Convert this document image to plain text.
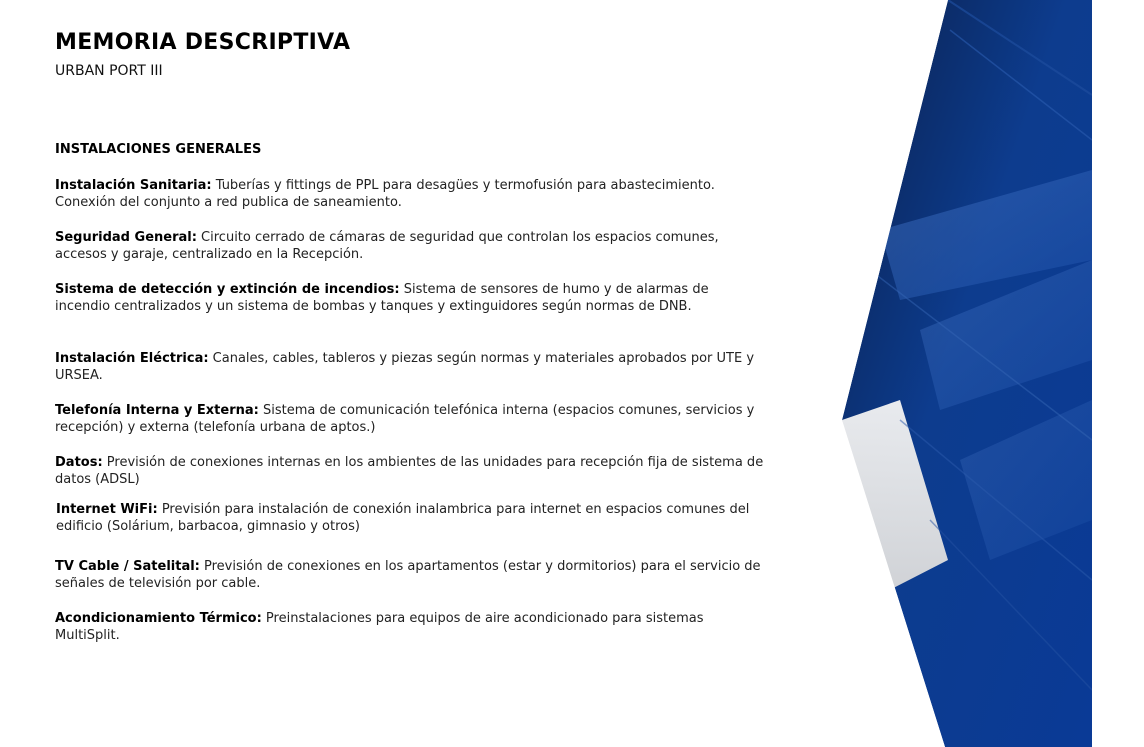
MEMORIA DESCRIPTIVA
URBAN PORT III
INSTALACIONES GENERALES

Instalación Sanitaria: Tuberías y fittings de PPL para desagües y termofusión para abastecimiento. Conexión del conjunto a red publica de saneamiento.

Seguridad General: Circuito cerrado de cámaras de seguridad que controlan los espacios comunes, accesos y garaje, centralizado en la Recepción.

Sistema de detección y extinción de incendios: Sistema de sensores de humo y de alarmas de incendio centralizados y un sistema de bombas y tanques y extinguidores según normas de DNB.

Instalación Eléctrica: Canales, cables, tableros y piezas según normas y materiales aprobados por UTE y URSEA.

Telefonía Interna y Externa: Sistema de comunicación telefónica interna (espacios comunes, servicios y recepción) y externa (telefonía urbana de aptos.)

Datos: Previsión de conexiones internas en los ambientes de las unidades para recepción fija de sistema de datos (ADSL)

Internet WiFi: Previsión para instalación de conexión inalambrica para internet en espacios comunes del edificio (Solárium, barbacoa, gimnasio y otros)

TV Cable / Satelital: Previsión de conexiones en los apartamentos (estar y dormitorios) para el servicio de señales de televisión por cable.

Acondicionamiento Térmico: Preinstalaciones para equipos de aire acondicionado para sistemas MultiSplit.
